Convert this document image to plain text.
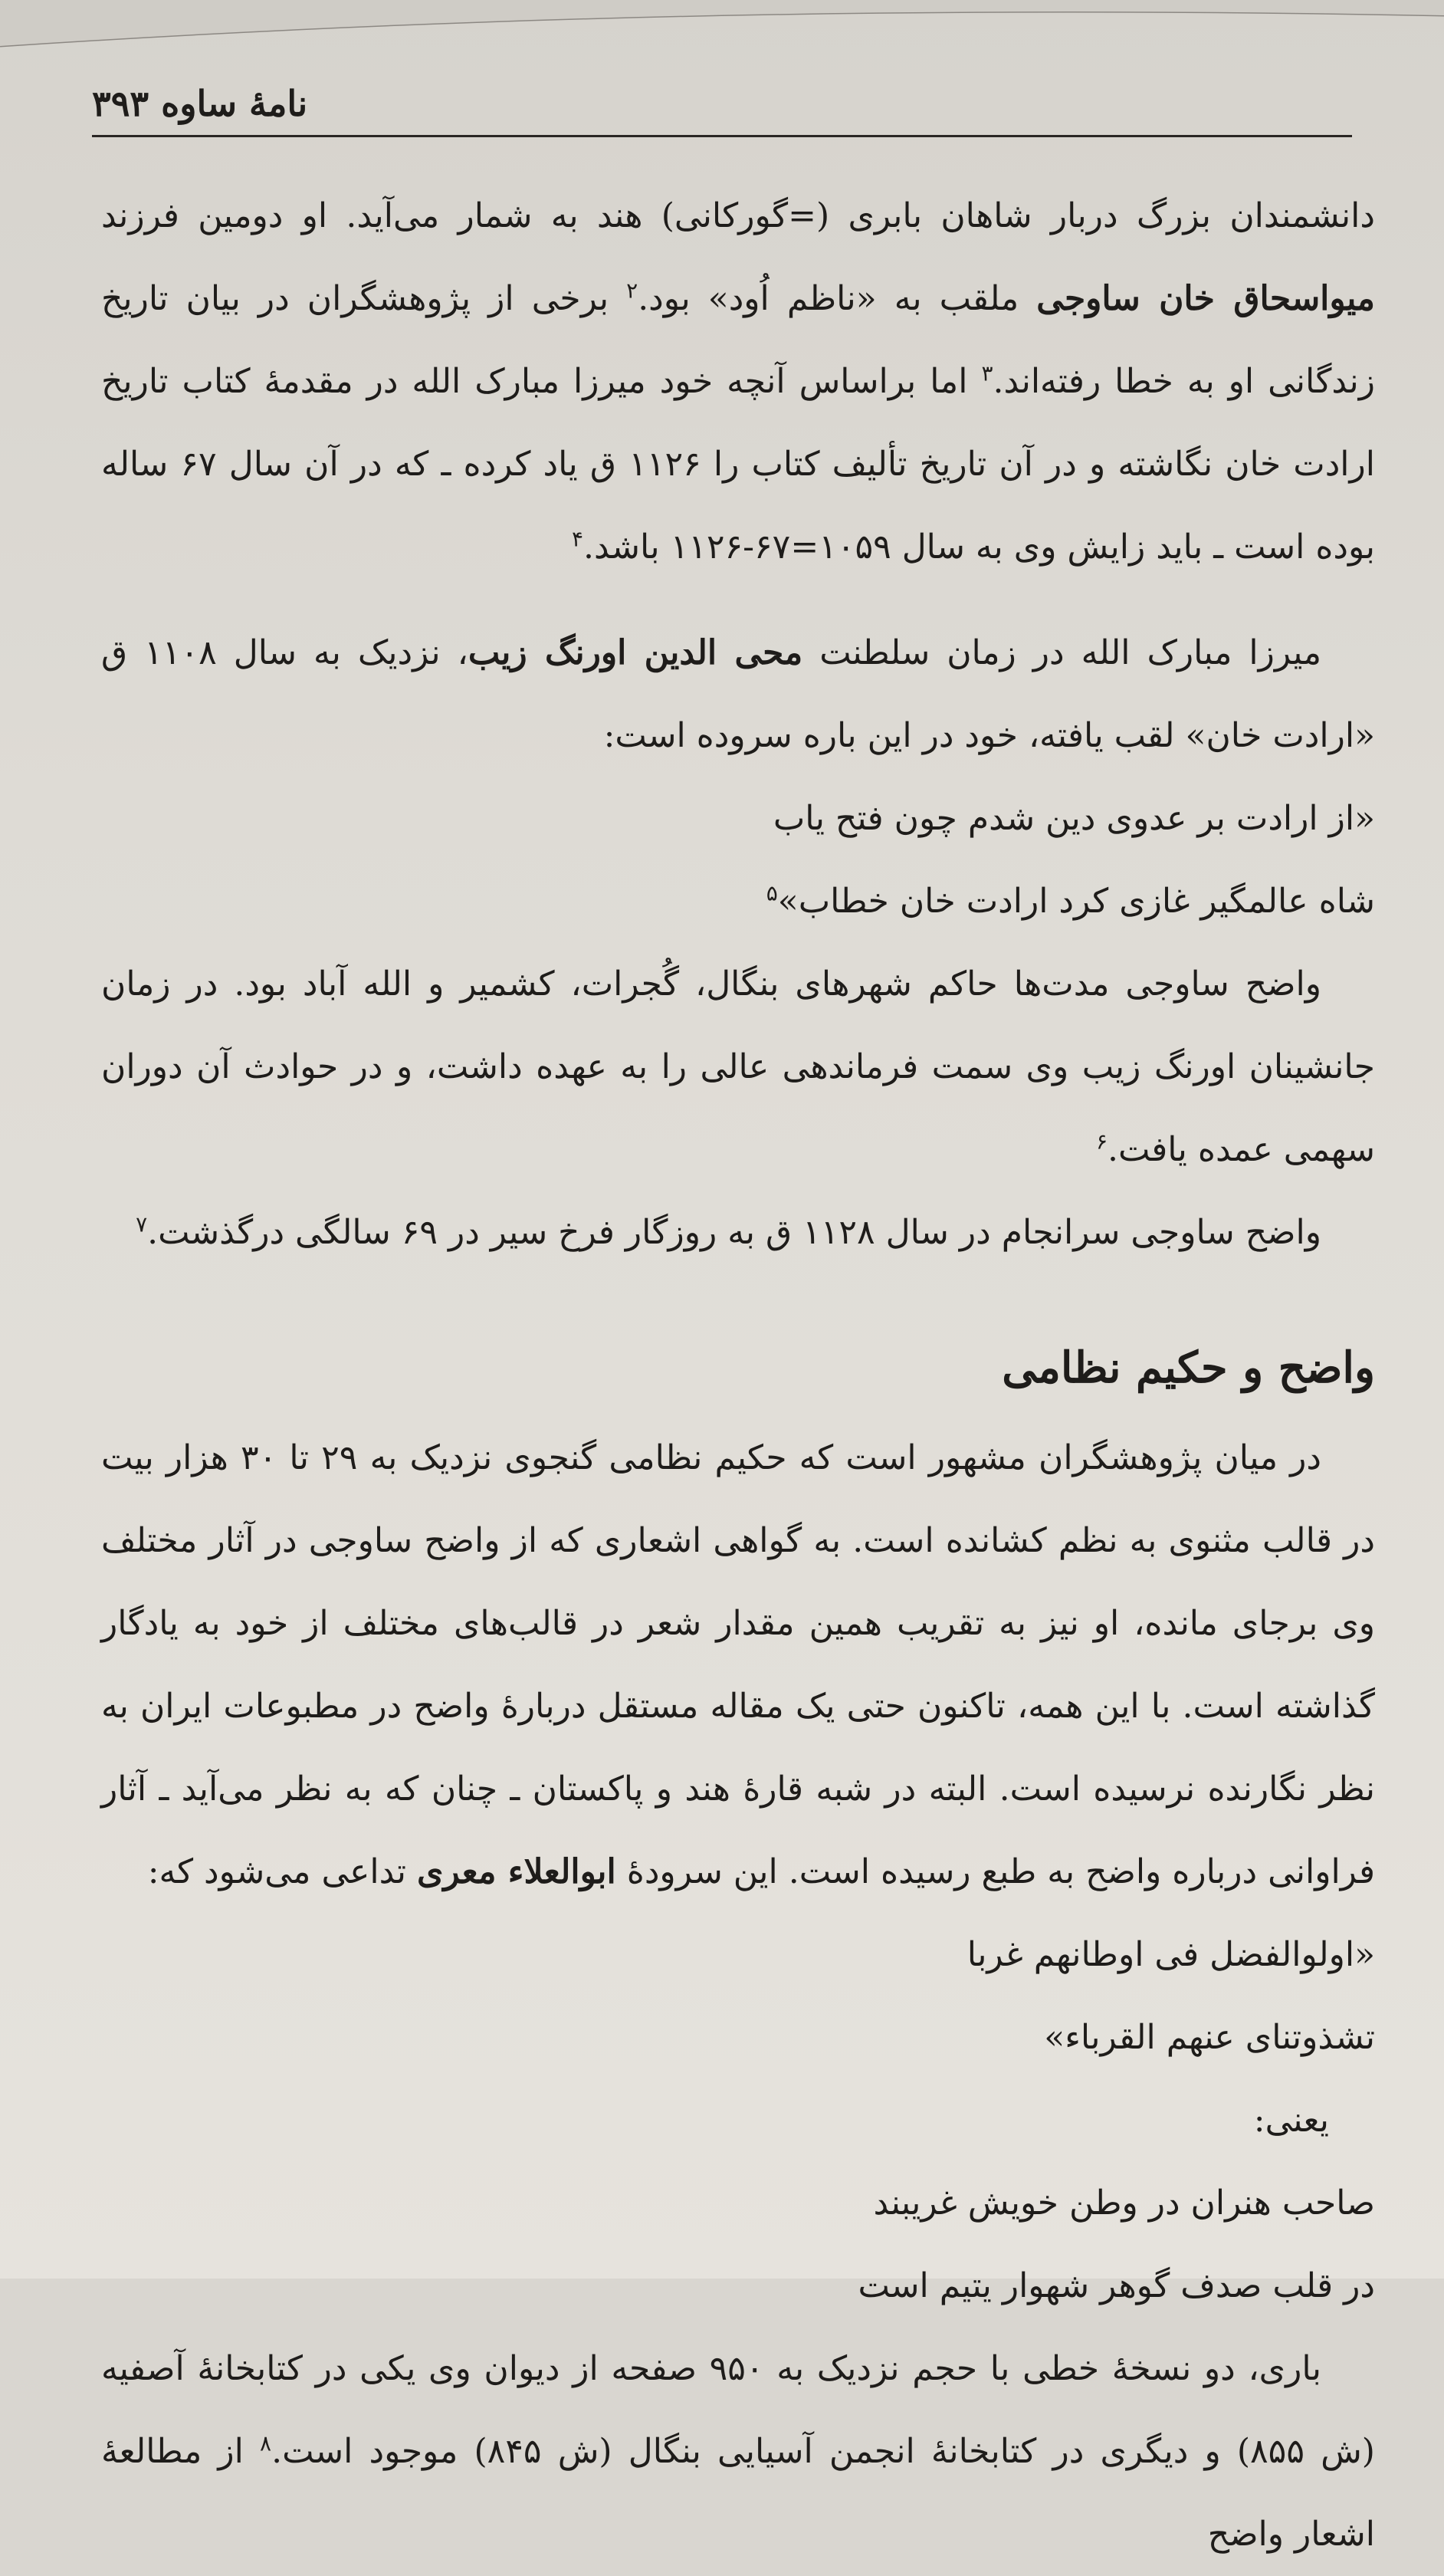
نامهٔ ساوه ۳۹۳

دانشمندان بزرگ دربار شاهان بابری (=گورکانی) هند به شمار می‌آید. او دومین فرزند میواسحاق خان ساوجی ملقب به «ناظم اُود» بود.$^۲$ برخی از پژوهشگران در بیان تاریخ زندگانی او به خطا رفته‌اند.$^۳$ اما براساس آنچه خود میرزا مبارک الله در مقدمهٔ کتاب تاریخ ارادت خان نگاشته و در آن تاریخ تألیف کتاب را ۱۱۲۶ ق یاد کرده ـ که در آن سال ۶۷ ساله بوده است ـ باید زایش وی به سال ۱۰۵۹=۶۷-۱۱۲۶ باشد.$^۴$

میرزا مبارک الله در زمان سلطنت محی الدین اورنگ زیب، نزدیک به سال ۱۱۰۸ ق «ارادت خان» لقب یافته، خود در این باره سروده است:

«از ارادت بر عدوی دین شدم چون فتح یاب

شاه عالمگیر غازی کرد ارادت خان خطاب»$^۵$

واضح ساوجی مدت‌ها حاکم شهرهای بنگال، گُجرات، کشمیر و الله آباد بود. در زمان جانشینان اورنگ زیب وی سمت فرماندهی عالی را به عهده داشت، و در حوادث آن دوران سهمی عمده یافت.$^۶$

واضح ساوجی سرانجام در سال ۱۱۲۸ ق به روزگار فرخ سیر در ۶۹ سالگی درگذشت.$^۷$

واضح و حکیم نظامی

در میان پژوهشگران مشهور است که حکیم نظامی گنجوی نزدیک به ۲۹ تا ۳۰ هزار بیت در قالب مثنوی به نظم کشانده است. به گواهی اشعاری که از واضح ساوجی در آثار مختلف وی برجای مانده، او نیز به تقریب همین مقدار شعر در قالب‌های مختلف از خود به یادگار گذاشته است. با این همه، تاکنون حتی یک مقاله مستقل دربارهٔ واضح در مطبوعات ایران به نظر نگارنده نرسیده است. البته در شبه قارهٔ هند و پاکستان ـ چنان که به نظر می‌آید ـ آثار فراوانی درباره واضح به طبع رسیده است. این سرودهٔ ابوالعلاء معری تداعی می‌شود که:

«اولوالفضل فی اوطانهم غربا

تشذوتنای عنهم القرباء»

یعنی:

صاحب هنران در وطن خویش غریبند

در قلب صدف گوهر شهوار یتیم است

باری، دو نسخهٔ خطی با حجم نزدیک به ۹۵۰ صفحه از دیوان وی یکی در کتابخانهٔ آصفیه (ش ۸۵۵) و دیگری در کتابخانهٔ انجمن آسیایی بنگال (ش ۸۴۵) موجود است.$^۸$ از مطالعهٔ اشعار واضح
